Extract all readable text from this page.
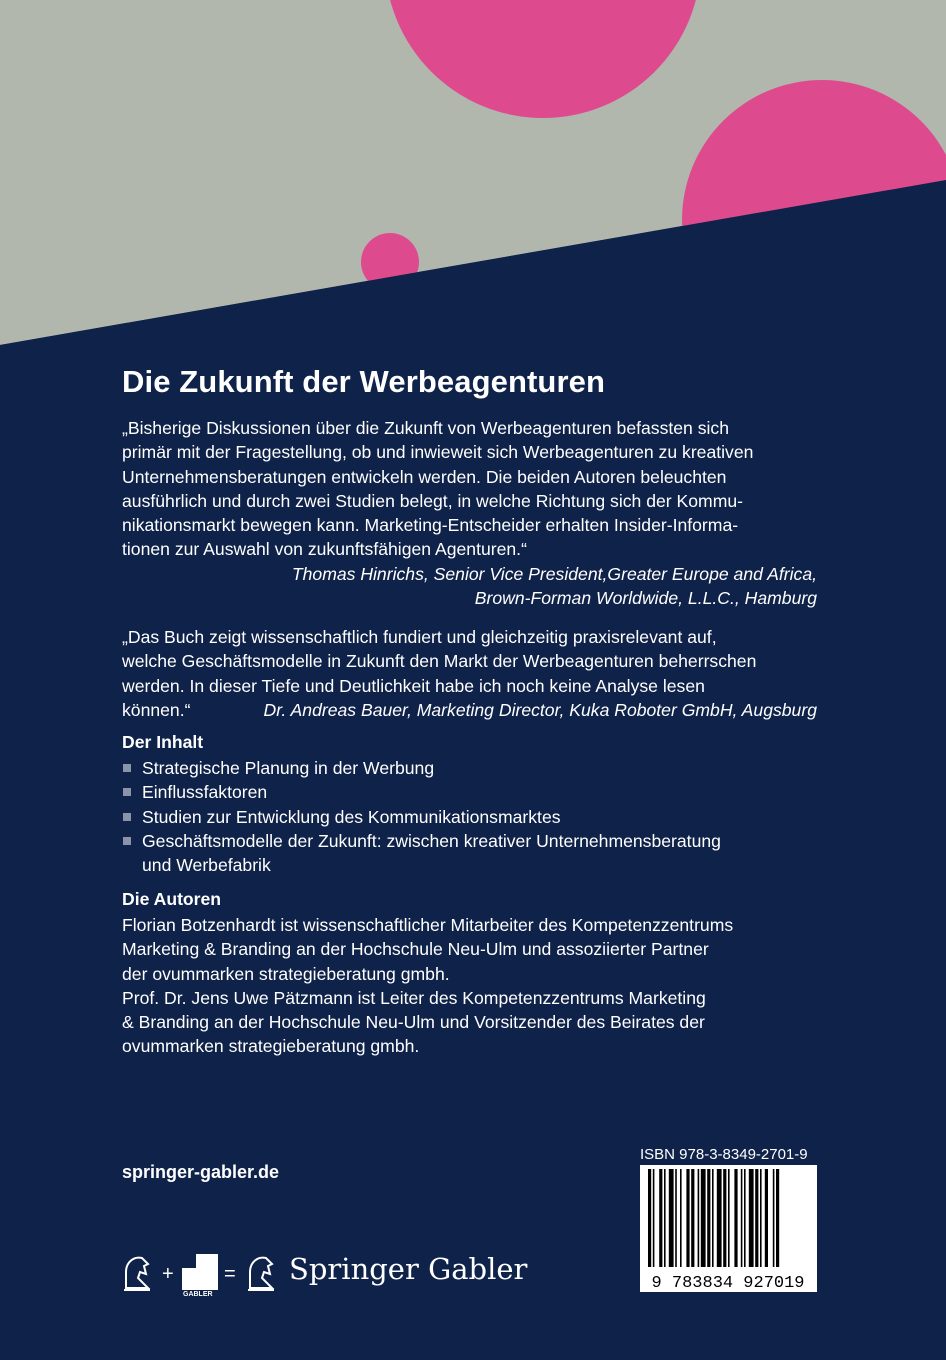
Die Zukunft der Werbeagenturen
„Bisherige Diskussionen über die Zukunft von Werbeagenturen befassten sich
primär mit der Fragestellung, ob und inwieweit sich Werbeagenturen zu kreativen
Unternehmensberatungen entwickeln werden. Die beiden Autoren beleuchten
ausführlich und durch zwei Studien belegt, in welche Richtung sich der Kommu-
nikationsmarkt bewegen kann. Marketing-Entscheider erhalten Insider-Informa-
tionen zur Auswahl von zukunftsfähigen Agenturen.“
Thomas Hinrichs, Senior Vice President,Greater Europe and Africa,
Brown-Forman Worldwide, L.L.C., Hamburg
„Das Buch zeigt wissenschaftlich fundiert und gleichzeitig praxisrelevant auf,
welche Geschäftsmodelle in Zukunft den Markt der Werbeagenturen beherrschen
werden. In dieser Tiefe und Deutlichkeit habe ich noch keine Analyse lesen
können.“	Dr. Andreas Bauer, Marketing Director, Kuka Roboter GmbH, Augsburg
Der Inhalt
Strategische Planung in der Werbung
Einflussfaktoren
Studien zur Entwicklung des Kommunikationsmarktes
Geschäftsmodelle der Zukunft: zwischen kreativer Unternehmensberatung
und Werbefabrik
Die Autoren
Florian Botzenhardt ist wissenschaftlicher Mitarbeiter des Kompetenzzentrums
Marketing & Branding an der Hochschule Neu-Ulm und assoziierter Partner
der ovummarken strategieberatung gmbh.
Prof. Dr. Jens Uwe Pätzmann ist Leiter des Kompetenzzentrums Marketing
& Branding an der Hochschule Neu-Ulm und Vorsitzender des Beirates der
ovummarken strategieberatung gmbh.
springer-gabler.de
ISBN 978-3-8349-2701-9
9 783834 927019
+
GABLER
= Springer Gabler
